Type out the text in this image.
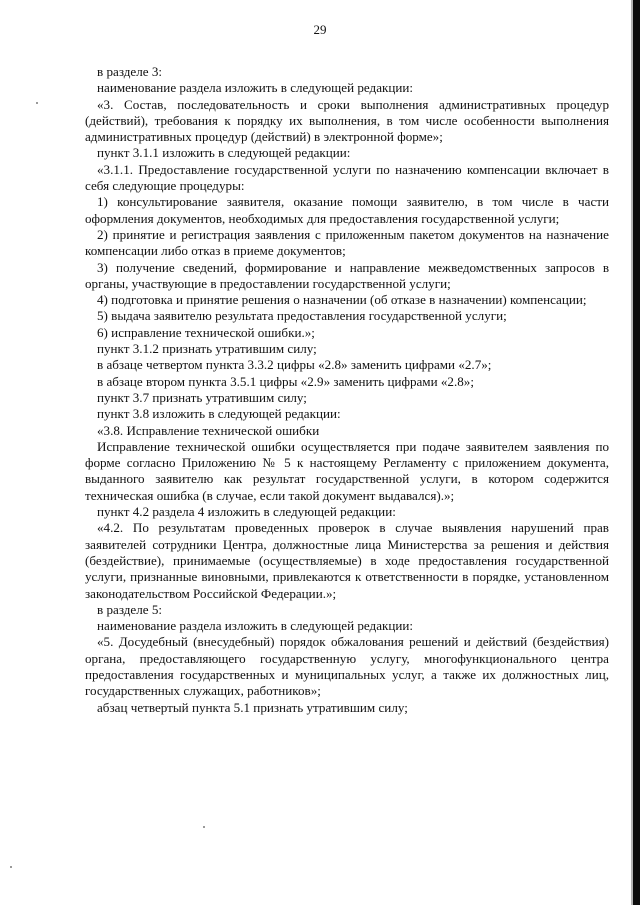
29

в разделе 3:

наименование раздела изложить в следующей редакции:

«3. Состав, последовательность и сроки выполнения административных процедур (действий), требования к порядку их выполнения, в том числе особенности выполнения административных процедур (действий) в электронной форме»;

пункт 3.1.1 изложить в следующей редакции:

«3.1.1. Предоставление государственной услуги по назначению компенсации включает в себя следующие процедуры:

1) консультирование заявителя, оказание помощи заявителю, в том числе в части оформления документов, необходимых для предоставления государственной услуги;

2) принятие и регистрация заявления с приложенным пакетом документов на назначение компенсации либо отказ в приеме документов;

3) получение сведений, формирование и направление межведомственных запросов в органы, участвующие в предоставлении государственной услуги;

4) подготовка и принятие решения о назначении (об отказе в назначении) компенсации;

5) выдача заявителю результата предоставления государственной услуги;

6) исправление технической ошибки.»;

пункт 3.1.2 признать утратившим силу;

в абзаце четвертом пункта 3.3.2 цифры «2.8» заменить цифрами «2.7»;

в абзаце втором пункта 3.5.1 цифры «2.9» заменить цифрами «2.8»;

пункт 3.7 признать утратившим силу;

пункт 3.8 изложить в следующей редакции:

«3.8. Исправление технической ошибки

Исправление технической ошибки осуществляется при подаче заявителем заявления по форме согласно Приложению № 5 к настоящему Регламенту с приложением документа, выданного заявителю как результат государственной услуги, в котором содержится техническая ошибка (в случае, если такой документ выдавался).»;

пункт 4.2 раздела 4 изложить в следующей редакции:

«4.2. По результатам проведенных проверок в случае выявления нарушений прав заявителей сотрудники Центра, должностные лица Министерства за решения и действия (бездействие), принимаемые (осуществляемые) в ходе предоставления государственной услуги, признанные виновными, привлекаются к ответственности в порядке, установленном законодательством Российской Федерации.»;

в разделе 5:

наименование раздела изложить в следующей редакции:

«5. Досудебный (внесудебный) порядок обжалования решений и действий (бездействия) органа, предоставляющего государственную услугу, многофункционального центра предоставления государственных и муниципальных услуг, а также их должностных лиц, государственных служащих, работников»;

абзац четвертый пункта 5.1 признать утратившим силу;
